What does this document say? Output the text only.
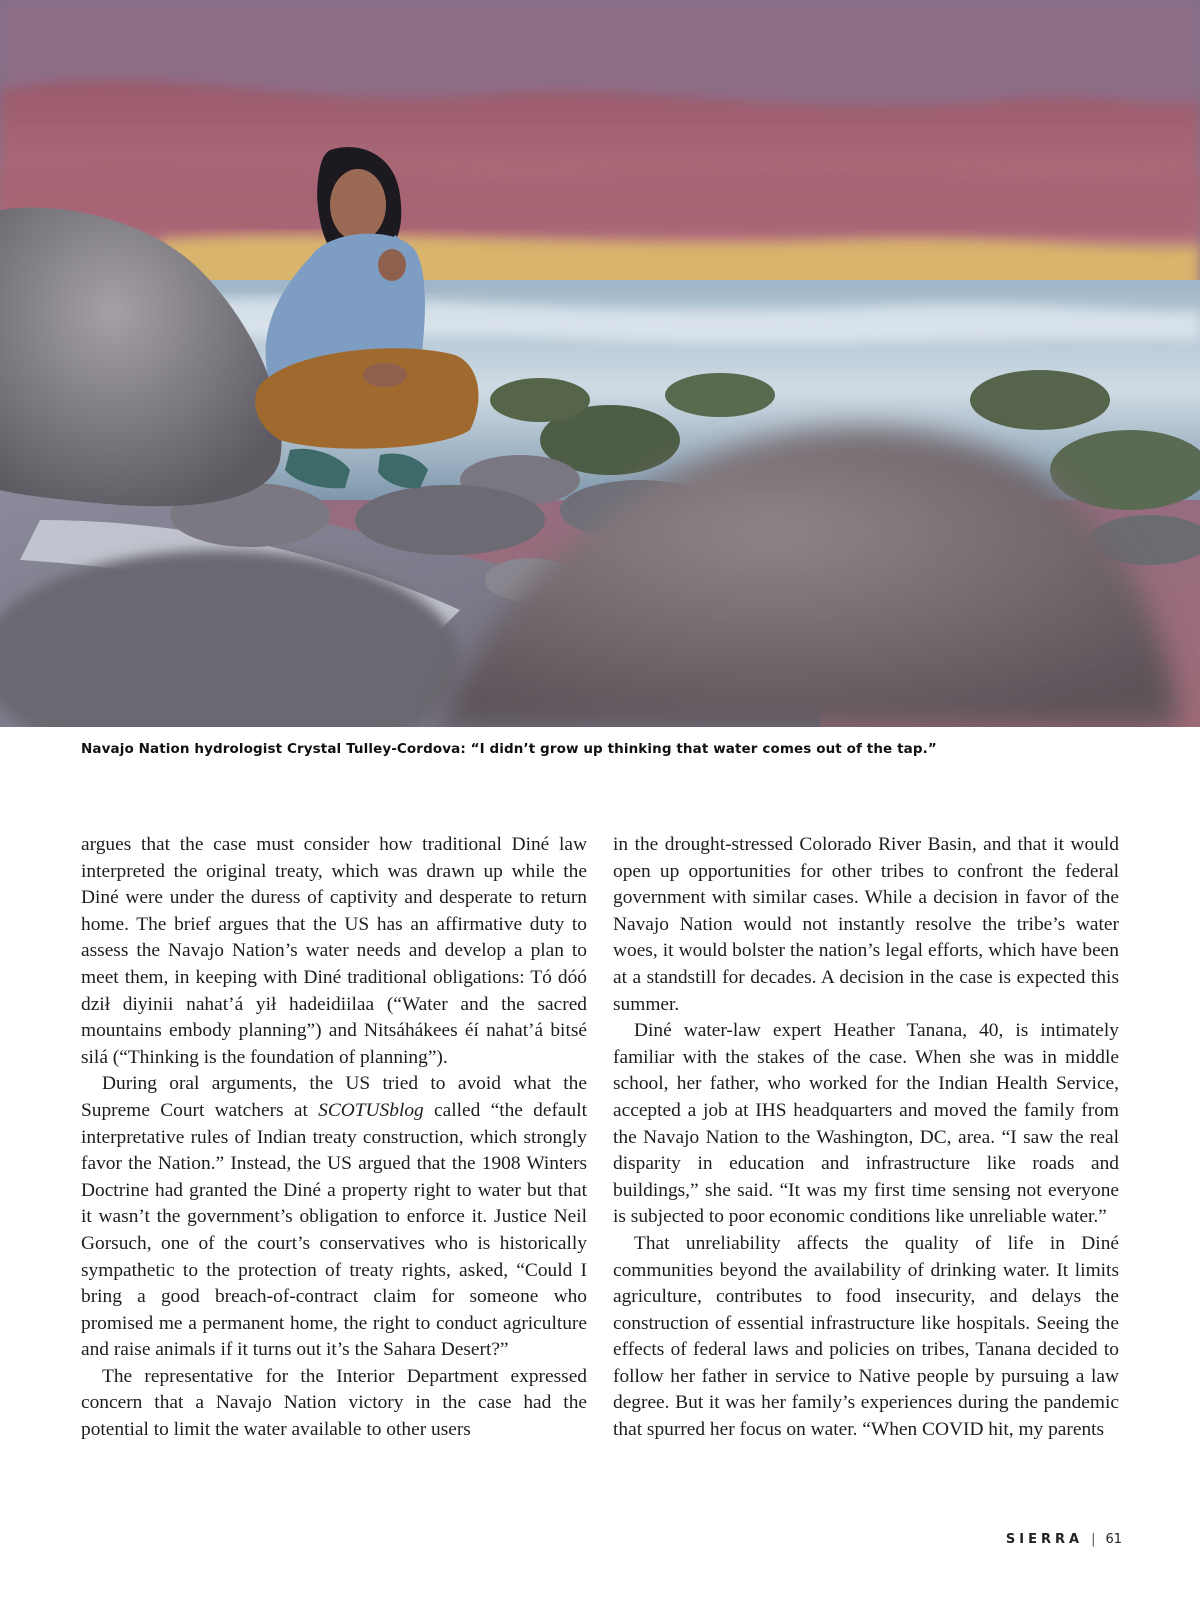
Navajo Nation hydrologist Crystal Tulley-Cordova: “I didn’t grow up thinking that water comes out of the tap.”

argues that the case must consider how traditional Diné law interpreted the original treaty, which was drawn up while the Diné were under the duress of captivity and desperate to return home. The brief argues that the US has an affirmative duty to assess the Navajo Nation’s water needs and develop a plan to meet them, in keeping with Diné traditional obligations: Tó dóó dził diyinii nahat’á yił hadeidiilaa (“Water and the sacred mountains embody planning”) and Nitsáhákees éí nahat’á bitsé silá (“Thinking is the foundation of planning”).

During oral arguments, the US tried to avoid what the Supreme Court watchers at SCOTUSblog called “the default interpretative rules of Indian treaty construction, which strongly favor the Nation.” Instead, the US argued that the 1908 Winters Doctrine had granted the Diné a property right to water but that it wasn’t the government’s obligation to enforce it. Justice Neil Gorsuch, one of the court’s conservatives who is historically sympathetic to the protection of treaty rights, asked, “Could I bring a good breach-of-contract claim for someone who promised me a permanent home, the right to conduct agriculture and raise animals if it turns out it’s the Sahara Desert?”

The representative for the Interior Department expressed concern that a Navajo Nation victory in the case had the potential to limit the water available to other users

in the drought-stressed Colorado River Basin, and that it would open up opportunities for other tribes to confront the federal government with similar cases. While a decision in favor of the Navajo Nation would not instantly resolve the tribe’s water woes, it would bolster the nation’s legal efforts, which have been at a standstill for decades. A decision in the case is expected this summer.

Diné water-law expert Heather Tanana, 40, is intimately familiar with the stakes of the case. When she was in middle school, her father, who worked for the Indian Health Service, accepted a job at IHS headquarters and moved the family from the Navajo Nation to the Washington, DC, area. “I saw the real disparity in education and infrastructure like roads and buildings,” she said. “It was my first time sensing not everyone is subjected to poor economic conditions like unreliable water.”

That unreliability affects the quality of life in Diné communities beyond the availability of drinking water. It limits agriculture, contributes to food insecurity, and delays the construction of essential infrastructure like hospitals. Seeing the effects of federal laws and policies on tribes, Tanana decided to follow her father in service to Native people by pursuing a law degree. But it was her family’s experiences during the pandemic that spurred her focus on water. “When COVID hit, my parents

SIERRA | 61
